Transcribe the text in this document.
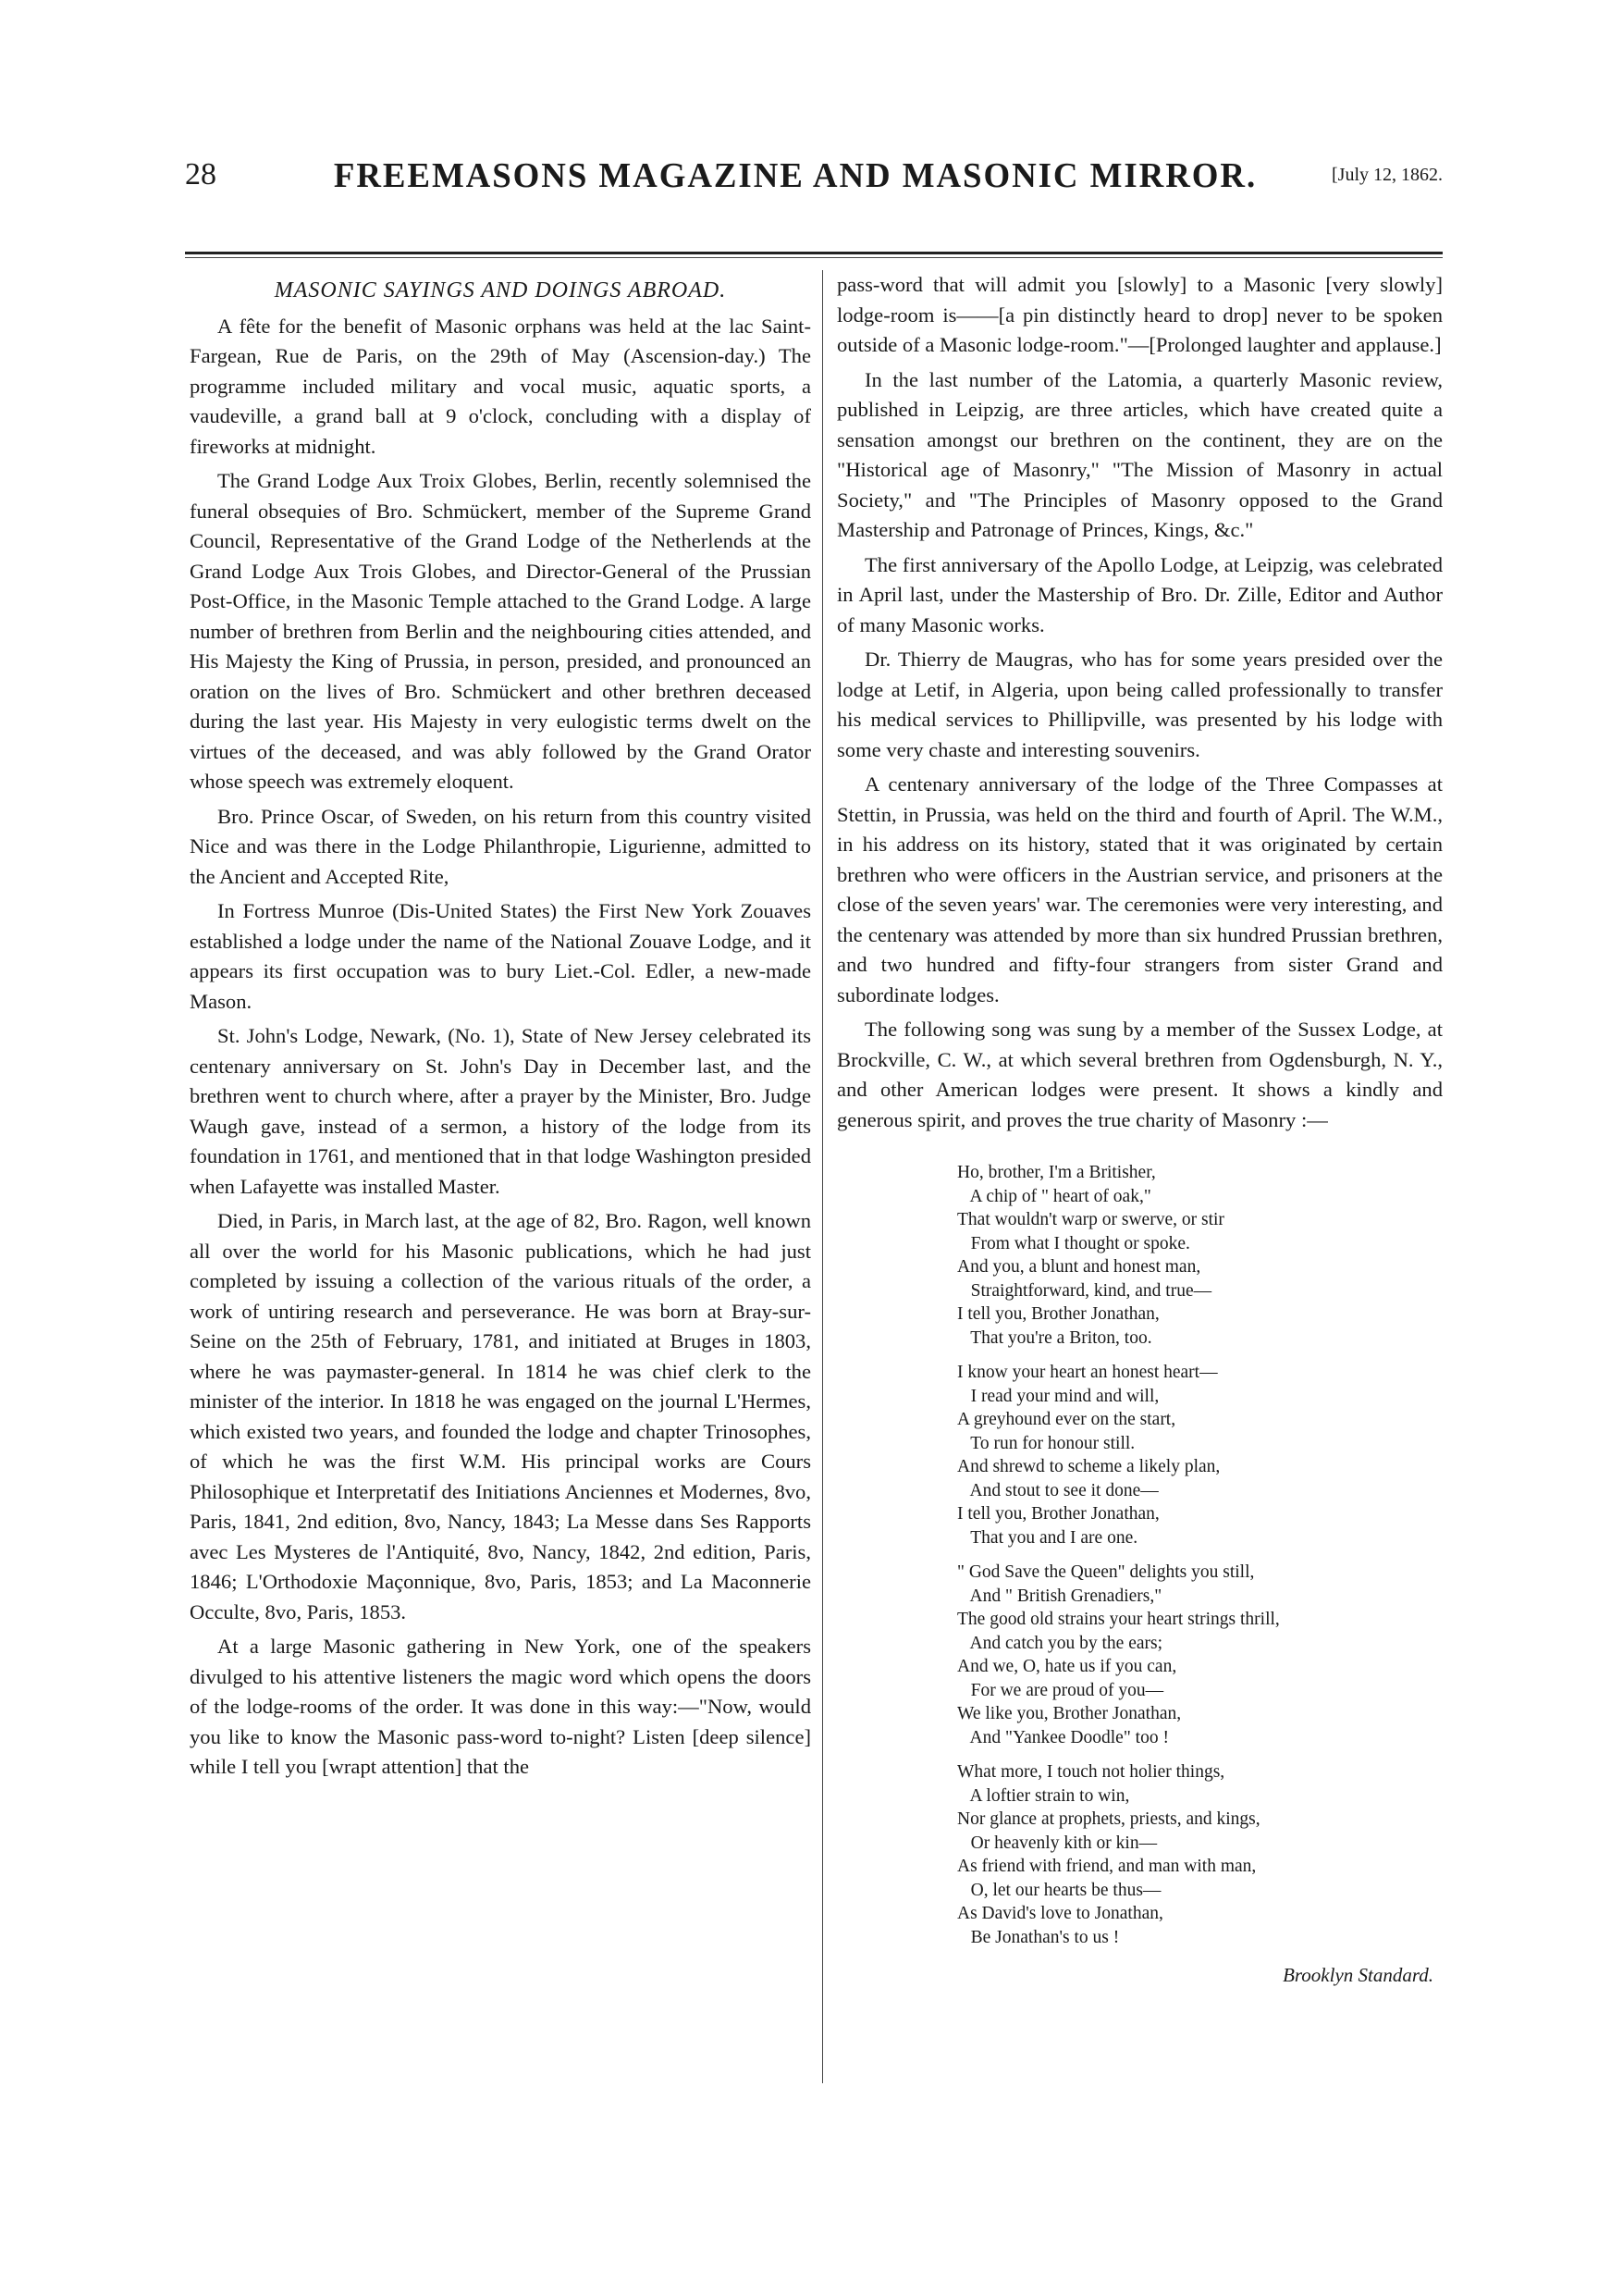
28	FREEMASONS MAGAZINE AND MASONIC MIRROR.	[July 12, 1862.
MASONIC SAYINGS AND DOINGS ABROAD.

A fête for the benefit of Masonic orphans was held at the lac Saint-Fargean, Rue de Paris, on the 29th of May (Ascension-day.) The programme included military and vocal music, aquatic sports, a vaudeville, a grand ball at 9 o'clock, concluding with a display of fireworks at midnight.

The Grand Lodge Aux Troix Globes, Berlin, recently solemnised the funeral obsequies of Bro. Schmückert, member of the Supreme Grand Council, Representative of the Grand Lodge of the Netherlends at the Grand Lodge Aux Trois Globes, and Director-General of the Prussian Post-Office, in the Masonic Temple attached to the Grand Lodge. A large number of brethren from Berlin and the neighbouring cities attended, and His Majesty the King of Prussia, in person, presided, and pronounced an oration on the lives of Bro. Schmückert and other brethren deceased during the last year. His Majesty in very eulogistic terms dwelt on the virtues of the deceased, and was ably followed by the Grand Orator whose speech was extremely eloquent.

Bro. Prince Oscar, of Sweden, on his return from this country visited Nice and was there in the Lodge Philanthropie, Ligurienne, admitted to the Ancient and Accepted Rite,

In Fortress Munroe (Dis-United States) the First New York Zouaves established a lodge under the name of the National Zouave Lodge, and it appears its first occupation was to bury Liet.-Col. Edler, a new-made Mason.

St. John's Lodge, Newark, (No. 1), State of New Jersey celebrated its centenary anniversary on St. John's Day in December last, and the brethren went to church where, after a prayer by the Minister, Bro. Judge Waugh gave, instead of a sermon, a history of the lodge from its foundation in 1761, and mentioned that in that lodge Washington presided when Lafayette was installed Master.

Died, in Paris, in March last, at the age of 82, Bro. Ragon, well known all over the world for his Masonic publications, which he had just completed by issuing a collection of the various rituals of the order, a work of untiring research and perseverance. He was born at Bray-sur-Seine on the 25th of February, 1781, and initiated at Bruges in 1803, where he was paymaster-general. In 1814 he was chief clerk to the minister of the interior. In 1818 he was engaged on the journal L'Hermes, which existed two years, and founded the lodge and chapter Trinosophes, of which he was the first W.M. His principal works are Cours Philosophique et Interpretatif des Initiations Anciennes et Modernes, 8vo, Paris, 1841, 2nd edition, 8vo, Nancy, 1843; La Messe dans Ses Rapports avec Les Mysteres de l'Antiquité, 8vo, Nancy, 1842, 2nd edition, Paris, 1846; L'Orthodoxie Maçonnique, 8vo, Paris, 1853; and La Maconnerie Occulte, 8vo, Paris, 1853.

At a large Masonic gathering in New York, one of the speakers divulged to his attentive listeners the magic word which opens the doors of the lodge-rooms of the order. It was done in this way:—"Now, would you like to know the Masonic pass-word to-night? Listen [deep silence] while I tell you [wrapt attention] that the

pass-word that will admit you [slowly] to a Masonic [very slowly] lodge-room is——[a pin distinctly heard to drop] never to be spoken outside of a Masonic lodge-room."—[Prolonged laughter and applause.]

In the last number of the Latomia, a quarterly Masonic review, published in Leipzig, are three articles, which have created quite a sensation amongst our brethren on the continent, they are on the "Historical age of Masonry," "The Mission of Masonry in actual Society," and "The Principles of Masonry opposed to the Grand Mastership and Patronage of Princes, Kings, &c."

The first anniversary of the Apollo Lodge, at Leipzig, was celebrated in April last, under the Mastership of Bro. Dr. Zille, Editor and Author of many Masonic works.

Dr. Thierry de Maugras, who has for some years presided over the lodge at Letif, in Algeria, upon being called professionally to transfer his medical services to Phillipville, was presented by his lodge with some very chaste and interesting souvenirs.

A centenary anniversary of the lodge of the Three Compasses at Stettin, in Prussia, was held on the third and fourth of April. The W.M., in his address on its history, stated that it was originated by certain brethren who were officers in the Austrian service, and prisoners at the close of the seven years' war. The ceremonies were very interesting, and the centenary was attended by more than six hundred Prussian brethren, and two hundred and fifty-four strangers from sister Grand and subordinate lodges.

The following song was sung by a member of the Sussex Lodge, at Brockville, C. W., at which several brethren from Ogdensburgh, N. Y., and other American lodges were present. It shows a kindly and generous spirit, and proves the true charity of Masonry :—

Ho, brother, I'm a Britisher,
A chip of " heart of oak,"
That wouldn't warp or swerve, or stir
From what I thought or spoke.
And you, a blunt and honest man,
Straightforward, kind, and true—
I tell you, Brother Jonathan,
That you're a Briton, too.
I know your heart an honest heart—
I read your mind and will,
A greyhound ever on the start,
To run for honour still.
And shrewd to scheme a likely plan,
And stout to see it done—
I tell you, Brother Jonathan,
That you and I are one.
" God Save the Queen" delights you still,
And " British Grenadiers,"
The good old strains your heart strings thrill,
And catch you by the ears;
And we, O, hate us if you can,
For we are proud of you—
We like you, Brother Jonathan,
And "Yankee Doodle" too !
What more, I touch not holier things,
A loftier strain to win,
Nor glance at prophets, priests, and kings,
Or heavenly kith or kin—
As friend with friend, and man with man,
O, let our hearts be thus—
As David's love to Jonathan,
Be Jonathan's to us !
Brooklyn Standard.
